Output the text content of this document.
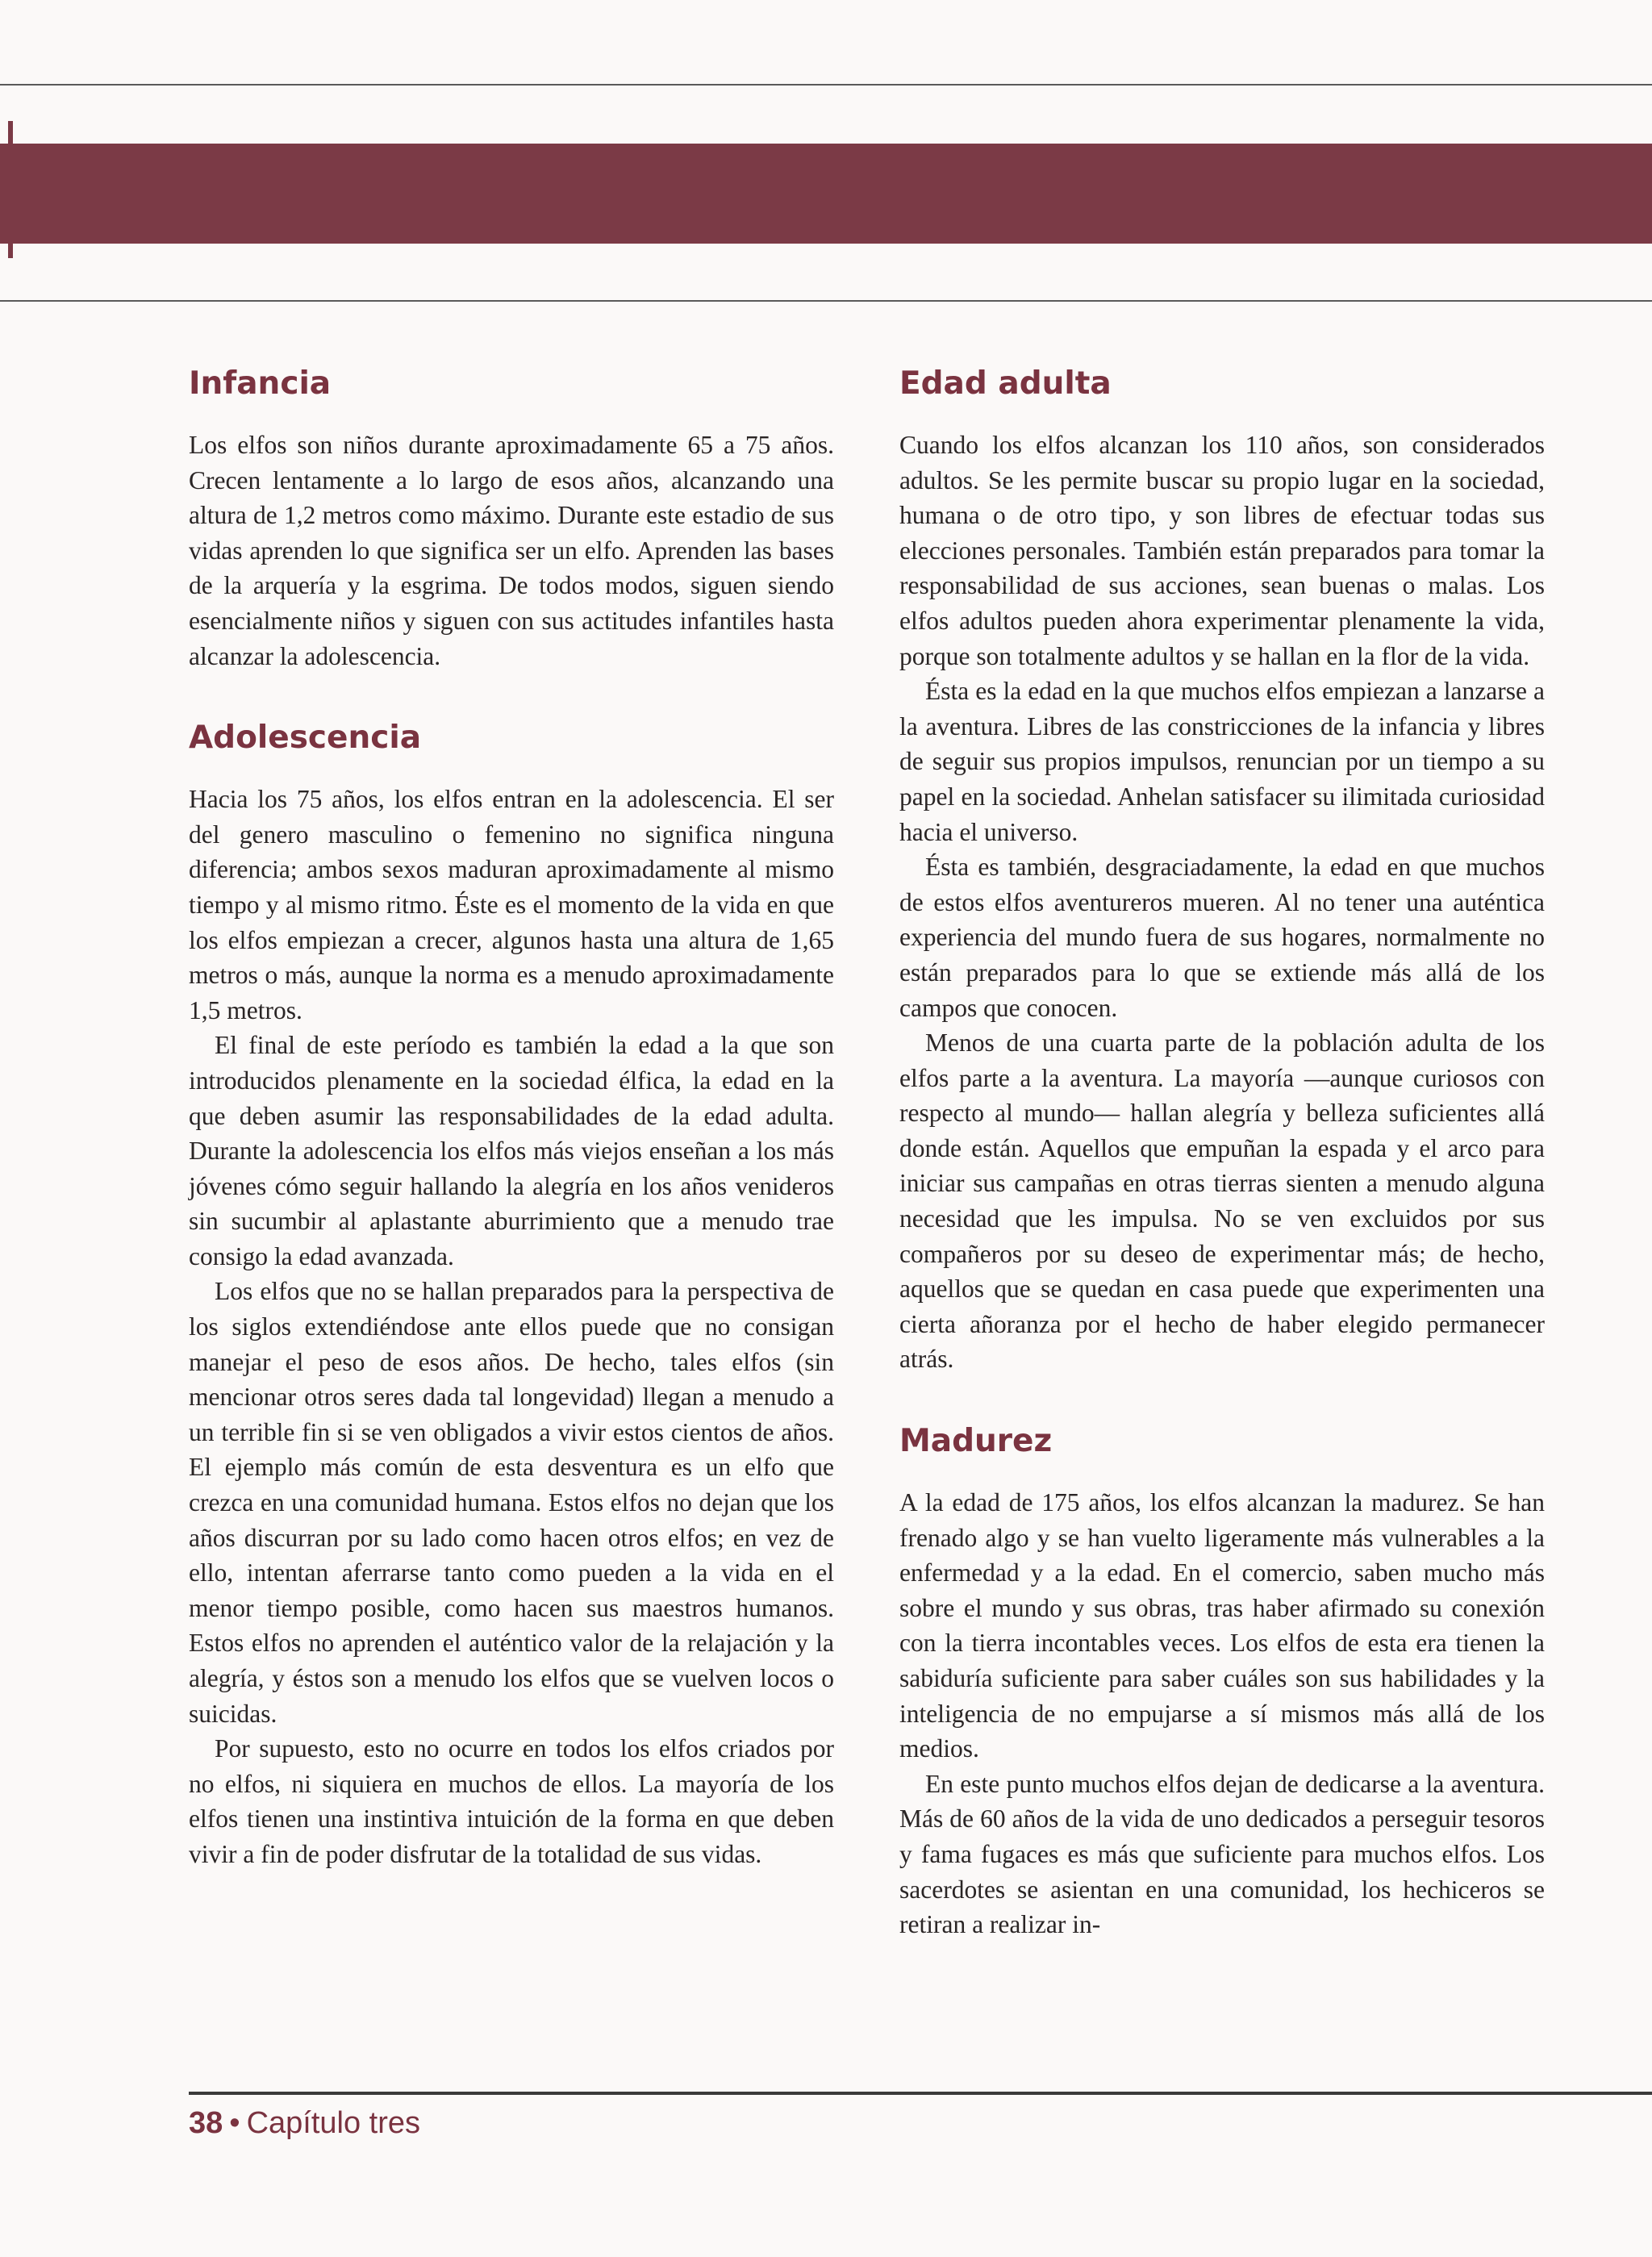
Infancia

Los elfos son niños durante aproximadamente 65 a 75 años. Crecen lentamente a lo largo de esos años, alcanzando una altura de 1,2 metros como máximo. Durante este estadio de sus vidas aprenden lo que significa ser un elfo. Aprenden las bases de la arquería y la esgrima. De todos modos, siguen siendo esencialmente niños y siguen con sus actitudes infantiles hasta alcanzar la adolescencia.

Adolescencia

Hacia los 75 años, los elfos entran en la adolescencia. El ser del genero masculino o femenino no significa ninguna diferencia; ambos sexos maduran aproximadamente al mismo tiempo y al mismo ritmo. Éste es el momento de la vida en que los elfos empiezan a crecer, algunos hasta una altura de 1,65 metros o más, aunque la norma es a menudo aproximadamente 1,5 metros.

El final de este período es también la edad a la que son introducidos plenamente en la sociedad élfica, la edad en la que deben asumir las responsabilidades de la edad adulta. Durante la adolescencia los elfos más viejos enseñan a los más jóvenes cómo seguir hallando la alegría en los años venideros sin sucumbir al aplastante aburrimiento que a menudo trae consigo la edad avanzada.

Los elfos que no se hallan preparados para la perspectiva de los siglos extendiéndose ante ellos puede que no consigan manejar el peso de esos años. De hecho, tales elfos (sin mencionar otros seres dada tal longevidad) llegan a menudo a un terrible fin si se ven obligados a vivir estos cientos de años. El ejemplo más común de esta desventura es un elfo que crezca en una comunidad humana. Estos elfos no dejan que los años discurran por su lado como hacen otros elfos; en vez de ello, intentan aferrarse tanto como pueden a la vida en el menor tiempo posible, como hacen sus maestros humanos. Estos elfos no aprenden el auténtico valor de la relajación y la alegría, y éstos son a menudo los elfos que se vuelven locos o suicidas.

Por supuesto, esto no ocurre en todos los elfos criados por no elfos, ni siquiera en muchos de ellos. La mayoría de los elfos tienen una instintiva intuición de la forma en que deben vivir a fin de poder disfrutar de la totalidad de sus vidas.

Edad adulta

Cuando los elfos alcanzan los 110 años, son considerados adultos. Se les permite buscar su propio lugar en la sociedad, humana o de otro tipo, y son libres de efectuar todas sus elecciones personales. También están preparados para tomar la responsabilidad de sus acciones, sean buenas o malas. Los elfos adultos pueden ahora experimentar plenamente la vida, porque son totalmente adultos y se hallan en la flor de la vida.

Ésta es la edad en la que muchos elfos empiezan a lanzarse a la aventura. Libres de las constricciones de la infancia y libres de seguir sus propios impulsos, renuncian por un tiempo a su papel en la sociedad. Anhelan satisfacer su ilimitada curiosidad hacia el universo.

Ésta es también, desgraciadamente, la edad en que muchos de estos elfos aventureros mueren. Al no tener una auténtica experiencia del mundo fuera de sus hogares, normalmente no están preparados para lo que se extiende más allá de los campos que conocen.

Menos de una cuarta parte de la población adulta de los elfos parte a la aventura. La mayoría —aunque curiosos con respecto al mundo— hallan alegría y belleza suficientes allá donde están. Aquellos que empuñan la espada y el arco para iniciar sus campañas en otras tierras sienten a menudo alguna necesidad que les impulsa. No se ven excluidos por sus compañeros por su deseo de experimentar más; de hecho, aquellos que se quedan en casa puede que experimenten una cierta añoranza por el hecho de haber elegido permanecer atrás.

Madurez

A la edad de 175 años, los elfos alcanzan la madurez. Se han frenado algo y se han vuelto ligeramente más vulnerables a la enfermedad y a la edad. En el comercio, saben mucho más sobre el mundo y sus obras, tras haber afirmado su conexión con la tierra incontables veces. Los elfos de esta era tienen la sabiduría suficiente para saber cuáles son sus habilidades y la inteligencia de no empujarse a sí mismos más allá de los medios.

En este punto muchos elfos dejan de dedicarse a la aventura. Más de 60 años de la vida de uno dedicados a perseguir tesoros y fama fugaces es más que suficiente para muchos elfos. Los sacerdotes se asientan en una comunidad, los hechiceros se retiran a realizar in-

38 • Capítulo tres
